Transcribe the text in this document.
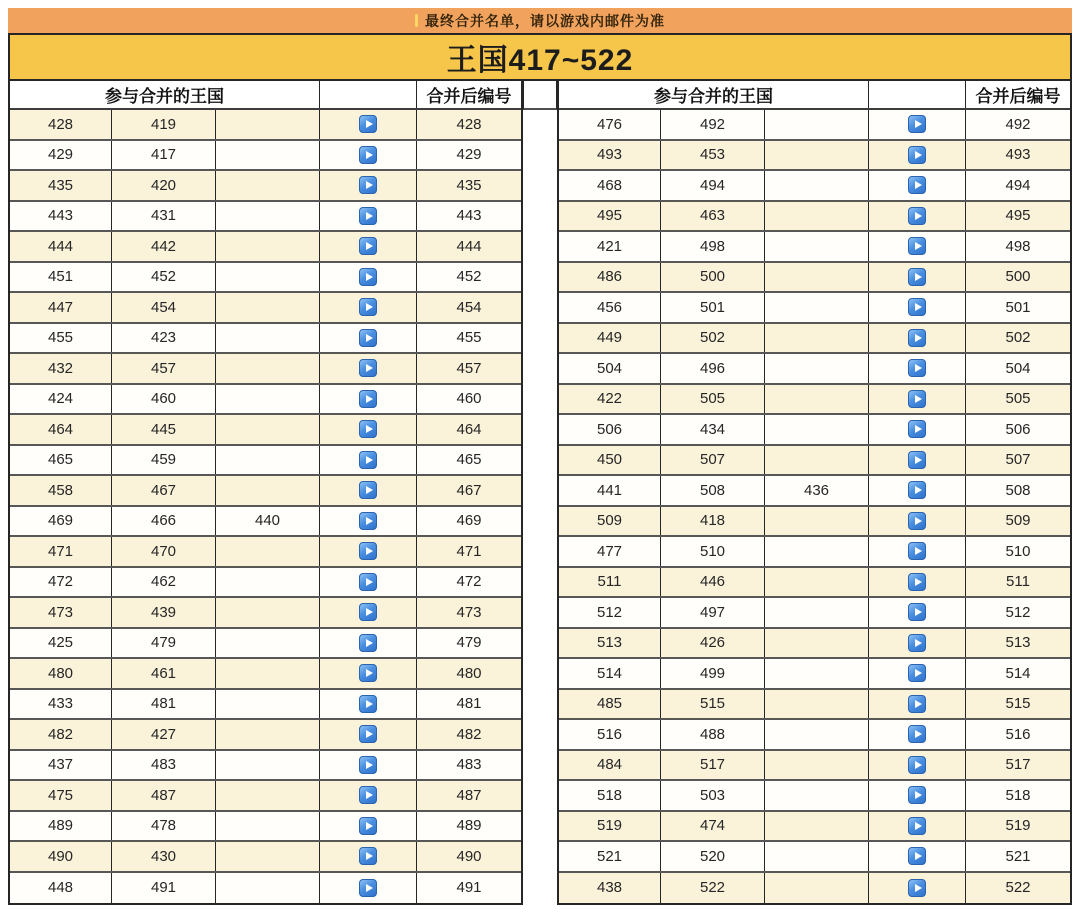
最终合并名单，请以游戏内邮件为准
王国417~522
参与合并的王国	合并后编号
428	419	428
429	417	429
435	420	435
443	431	443
444	442	444
451	452	452
447	454	454
455	423	455
432	457	457
424	460	460
464	445	464
465	459	465
458	467	467
469	466	440	469
471	470	471
472	462	472
473	439	473
425	479	479
480	461	480
433	481	481
482	427	482
437	483	483
475	487	487
489	478	489
490	430	490
448	491	491
参与合并的王国	合并后编号
476	492	492
493	453	493
468	494	494
495	463	495
421	498	498
486	500	500
456	501	501
449	502	502
504	496	504
422	505	505
506	434	506
450	507	507
441	508	436	508
509	418	509
477	510	510
511	446	511
512	497	512
513	426	513
514	499	514
485	515	515
516	488	516
484	517	517
518	503	518
519	474	519
521	520	521
438	522	522
